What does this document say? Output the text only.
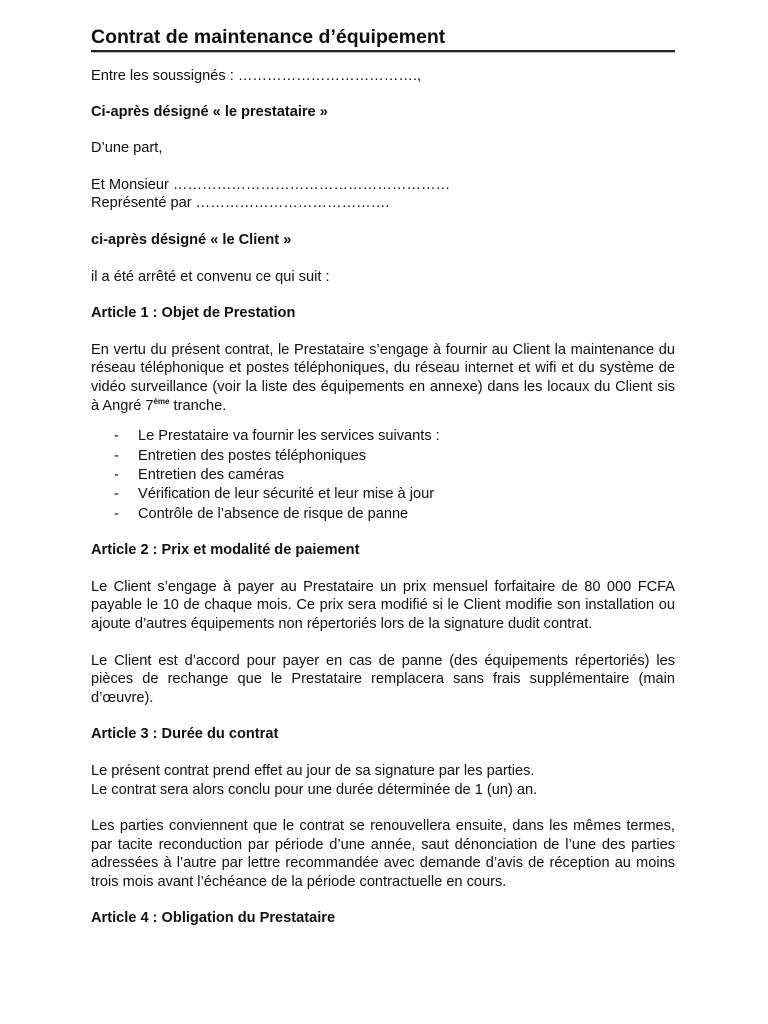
Contrat de maintenance d’équipement

Entre les soussignés : ……………………………….,

Ci-après désigné « le prestataire »

D’une part,

Et Monsieur …………………………………………………

Représenté par ………………………………….

ci-après désigné « le Client »

il a été arrêté et convenu ce qui suit :

Article 1 : Objet de Prestation

En vertu du présent contrat, le Prestataire s’engage à fournir au Client la maintenance du réseau téléphonique et postes téléphoniques, du réseau internet et wifi et du système de vidéo surveillance (voir la liste des équipements en annexe) dans les locaux du Client sis à Angré 7ème tranche.

- Le Prestataire va fournir les services suivants :
- Entretien des postes téléphoniques
- Entretien des caméras
- Vérification de leur sécurité et leur mise à jour
- Contrôle de l’absence de risque de panne

Article 2 : Prix et modalité de paiement

Le Client s’engage à payer au Prestataire un prix mensuel forfaitaire de 80 000 FCFA payable le 10 de chaque mois. Ce prix sera modifié si le Client modifie son installation ou ajoute d’autres équipements non répertoriés lors de la signature dudit contrat.

Le Client est d’accord pour payer en cas de panne (des équipements répertoriés) les pièces de rechange que le Prestataire remplacera sans frais supplémentaire (main d’œuvre).

Article 3 : Durée du contrat

Le présent contrat prend effet au jour de sa signature par les parties.

Le contrat sera alors conclu pour une durée déterminée de 1 (un) an.

Les parties conviennent que le contrat se renouvellera ensuite, dans les mêmes termes, par tacite reconduction par période d’une année, saut dénonciation de l’une des parties adressées à l’autre par lettre recommandée avec demande d’avis de réception au moins trois mois avant l’échéance de la période contractuelle en cours.

Article 4 : Obligation du Prestataire
